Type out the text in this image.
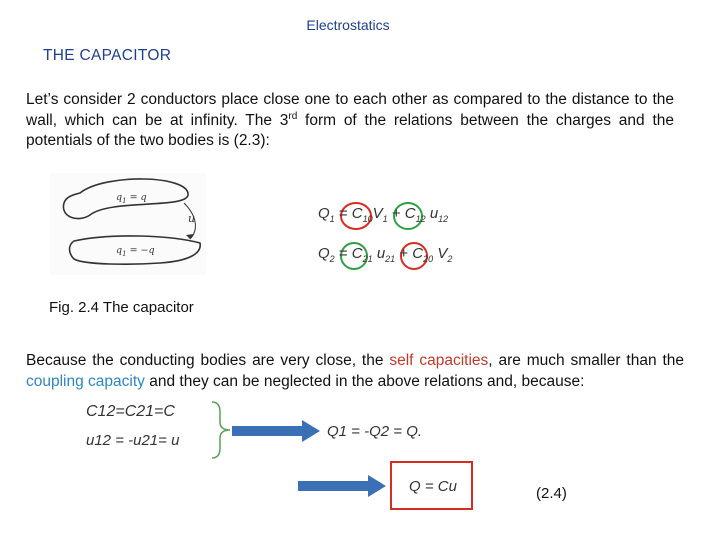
Electrostatics
THE CAPACITOR
Let’s consider 2 conductors place close one to each other as compared to the distance to the wall, which can be at infinity. The 3rd form of the relations between the charges and the potentials of the two bodies is (2.3):
$q_1 = q$
$q_1 = -q$
u	$Q_1 = C_{10}V_1 + C_{12}$ $u_{12}$
$Q_2 = C_{21}$ $u_{21} + C_{20}$ $V_2$
Fig. 2.4 The capacitor
Because the conducting bodies are very close, the self capacities, are much smaller than the coupling capacity and they can be neglected in the above relations and, because:
C12=C21=C
u12 = -u21= u
Q1 = -Q2 = Q.
Q = Cu	(2.4)
